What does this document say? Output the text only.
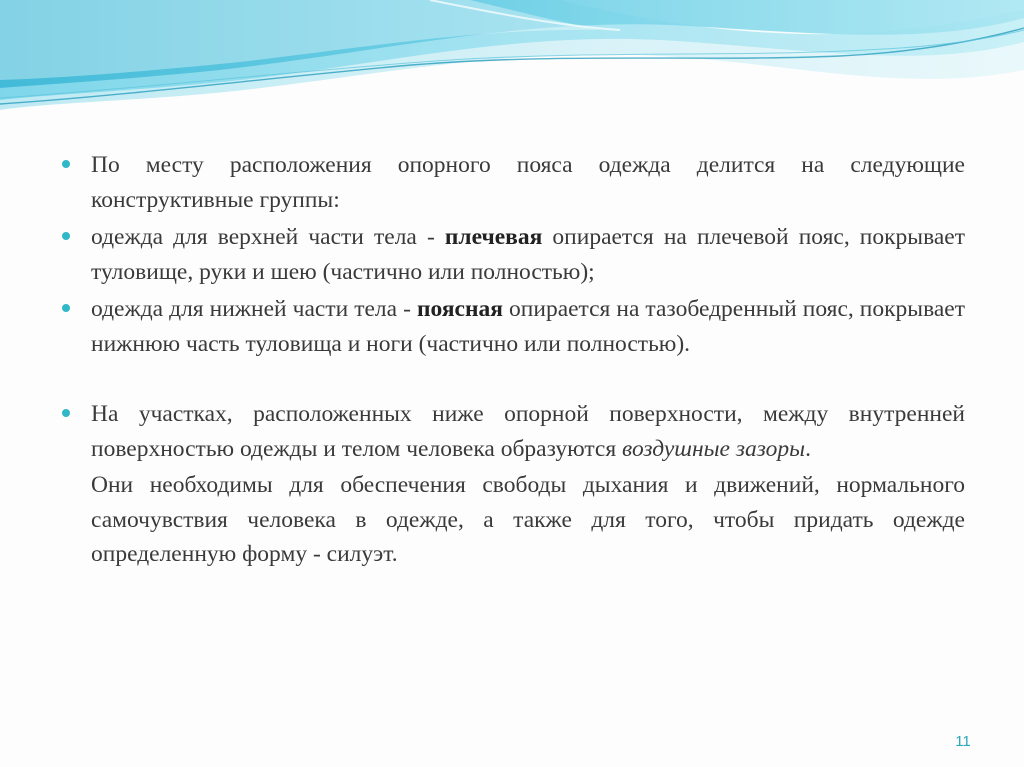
По месту расположения опорного пояса одежда делится на следующие конструктивные группы:

одежда для верхней части тела - плечевая опирается на плечевой пояс, покрывает туловище, руки и шею (частично или полностью);

одежда для нижней части тела - поясная опирается на тазобедренный пояс, покрывает нижнюю часть туловища и ноги (частично или полностью).

На участках, расположенных ниже опорной поверхности, между внутренней поверхностью одежды и телом человека образуются воздушные зазоры.

Они необходимы для обеспечения свободы дыхания и движений, нормального самочувствия человека в одежде, а также для того, чтобы придать одежде определенную форму - силуэт.

11
